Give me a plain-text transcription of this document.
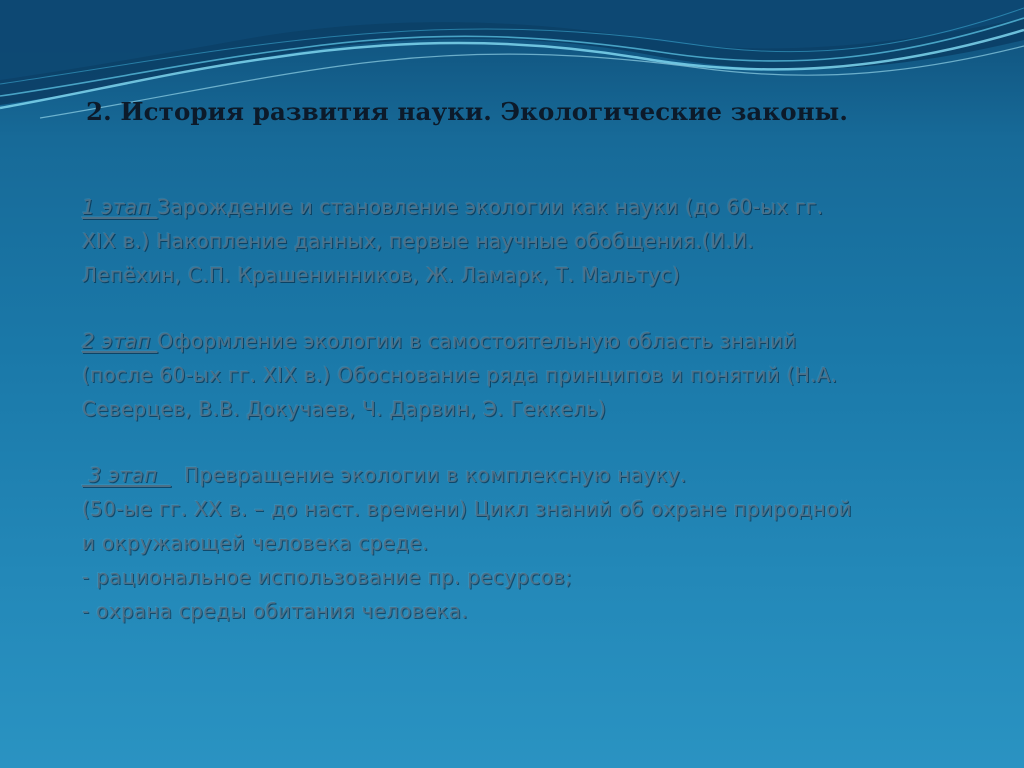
2. История развития науки. Экологические законы.

1 этап Зарождение и становление экологии как науки (до 60-ых гг.

XIX в.) Накопление данных, первые научные обобщения.(И.И.

Лепёхин, С.П. Крашенинников, Ж. Ламарк, Т. Мальтус)

2 этап Оформление экологии в самостоятельную область знаний

(после 60-ых гг. XIX в.) Обоснование ряда принципов и понятий (Н.А.

Северцев, В.В. Докучаев, Ч. Дарвин, Э. Геккель)

3 этап    Превращение экологии в комплексную науку.

(50-ые гг. XX в. – до наст. времени) Цикл знаний об охране природной

и окружающей человека среде.

- рациональное использование пр. ресурсов;

- охрана среды обитания человека.
